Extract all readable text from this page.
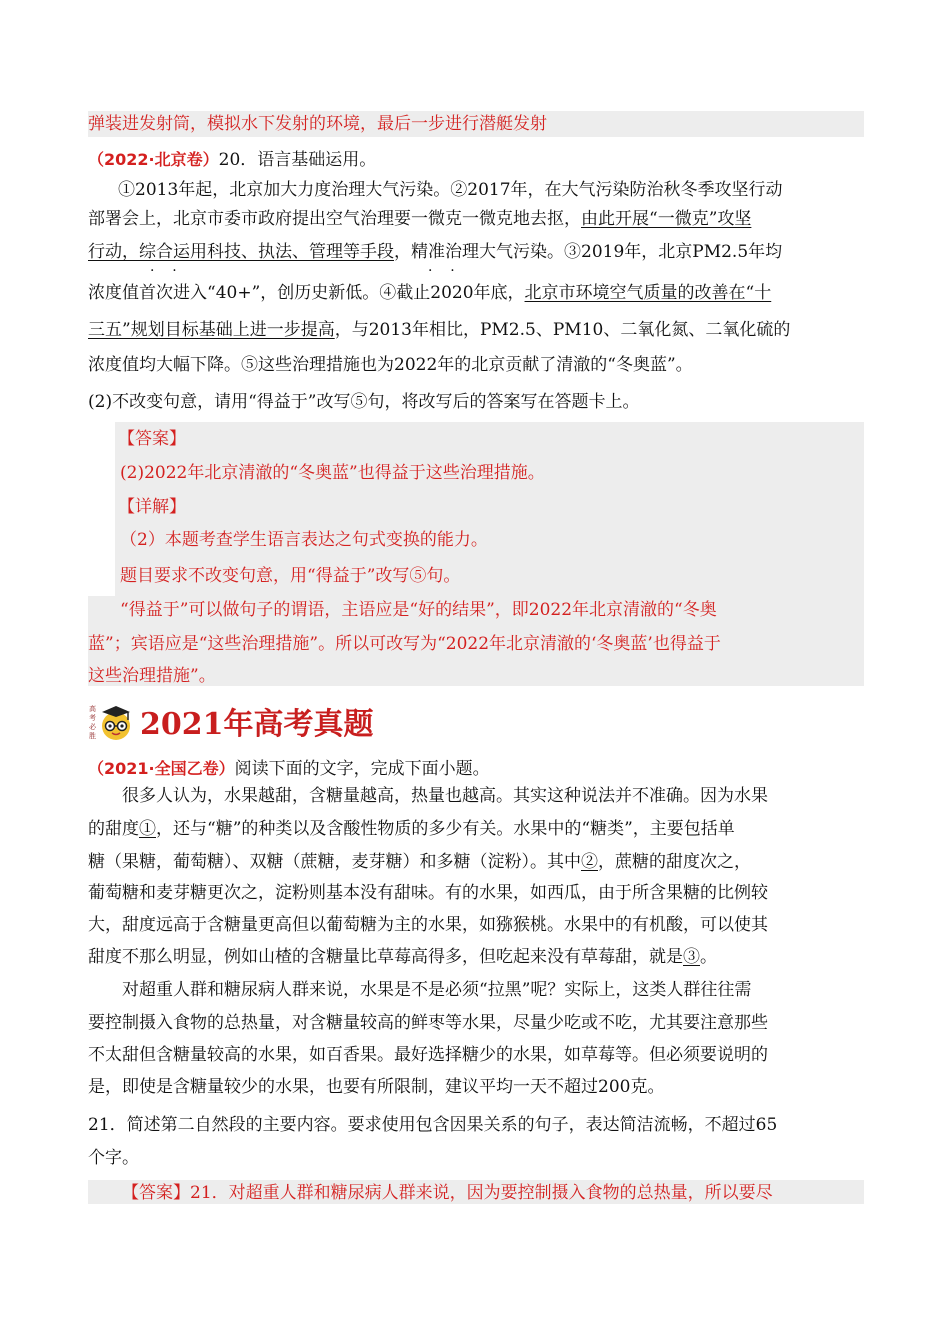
弹装进发射筒，模拟水下发射的环境，最后一步进行潜艇发射
（2022·北京卷）20．语言基础运用。
①2013年起，北京加大力度治理大气污染。②2017年，在大气污染防治秋冬季攻坚行动
部署会上，北京市委市政府提出空气治理要一微克一微克地去抠，由此开展“一微克”攻坚
行动，综合运用科技、执法、管理等手段，精准治理大气污染。③2019年，北京PM2.5年均
·    ·	·    ·
浓度值首次进入“40+”，创历史新低。④截止2020年底，北京市环境空气质量的改善在“十
三五”规划目标基础上进一步提高，与2013年相比，PM2.5、PM10、二氧化氮、二氧化硫的
浓度值均大幅下降。⑤这些治理措施也为2022年的北京贡献了清澈的“冬奥蓝”。
(2)不改变句意，请用“得益于”改写⑤句，将改写后的答案写在答题卡上。
【答案】
(2)2022年北京清澈的“冬奥蓝”也得益于这些治理措施。
【详解】
（2）本题考查学生语言表达之句式变换的能力。
题目要求不改变句意，用“得益于”改写⑤句。
“得益于”可以做句子的谓语，主语应是“好的结果”，即2022年北京清澈的“冬奥
蓝”；宾语应是“这些治理措施”。所以可改写为“2022年北京清澈的‘冬奥蓝’也得益于
这些治理措施”。
高
考
必
胜 2021年高考真题
（2021·全国乙卷）阅读下面的文字，完成下面小题。
很多人认为，水果越甜，含糖量越高，热量也越高。其实这种说法并不准确。因为水果
的甜度①，还与“糖”的种类以及含酸性物质的多少有关。水果中的“糖类”，主要包括单
糖（果糖，葡萄糖）、双糖（蔗糖，麦芽糖）和多糖（淀粉）。其中②，蔗糖的甜度次之，
葡萄糖和麦芽糖更次之，淀粉则基本没有甜味。有的水果，如西瓜，由于所含果糖的比例较
大，甜度远高于含糖量更高但以葡萄糖为主的水果，如猕猴桃。水果中的有机酸，可以使其
甜度不那么明显，例如山楂的含糖量比草莓高得多，但吃起来没有草莓甜，就是③。
对超重人群和糖尿病人群来说，水果是不是必须“拉黑”呢？实际上，这类人群往往需
要控制摄入食物的总热量，对含糖量较高的鲜枣等水果，尽量少吃或不吃，尤其要注意那些
不太甜但含糖量较高的水果，如百香果。最好选择糖少的水果，如草莓等。但必须要说明的
是，即使是含糖量较少的水果，也要有所限制，建议平均一天不超过200克。
21．简述第二自然段的主要内容。要求使用包含因果关系的句子，表达简洁流畅，不超过65
个字。
【答案】21．对超重人群和糖尿病人群来说，因为要控制摄入食物的总热量，所以要尽
